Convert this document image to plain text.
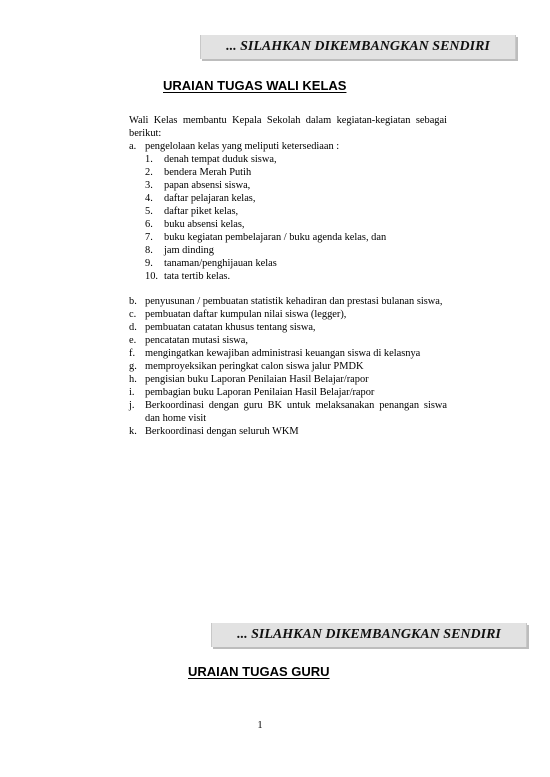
... SILAHKAN DIKEMBANGKAN SENDIRI
URAIAN TUGAS WALI KELAS

Wali Kelas membantu Kepala Sekolah dalam kegiatan-kegiatan sebagai berikut:

a. pengelolaan kelas yang meliputi ketersediaan :
1.	denah tempat duduk siswa,
2.	bendera Merah Putih
3.	papan absensi siswa,
4.	daftar pelajaran kelas,
5.	daftar piket kelas,
6.	buku absensi kelas,
7.	buku kegiatan pembelajaran / buku agenda kelas, dan
8.	jam dinding
9.	tanaman/penghijauan kelas
10. tata tertib kelas.
b. penyusunan / pembuatan statistik kehadiran dan prestasi bulanan siswa,
c. pembuatan daftar kumpulan nilai siswa (legger),
d. pembuatan catatan khusus tentang siswa,
e. pencatatan mutasi siswa,
f. mengingatkan kewajiban administrasi keuangan siswa di kelasnya
g. memproyeksikan peringkat calon siswa jalur PMDK
h. pengisian buku Laporan Penilaian Hasil Belajar/rapor
i.	pembagian buku Laporan Penilaian Hasil Belajar/rapor
j.	Berkoordinasi dengan guru BK untuk melaksanakan penangan siswa dan home visit
k. Berkoordinasi dengan seluruh WKM
... SILAHKAN DIKEMBANGKAN SENDIRI
URAIAN TUGAS GURU
1
